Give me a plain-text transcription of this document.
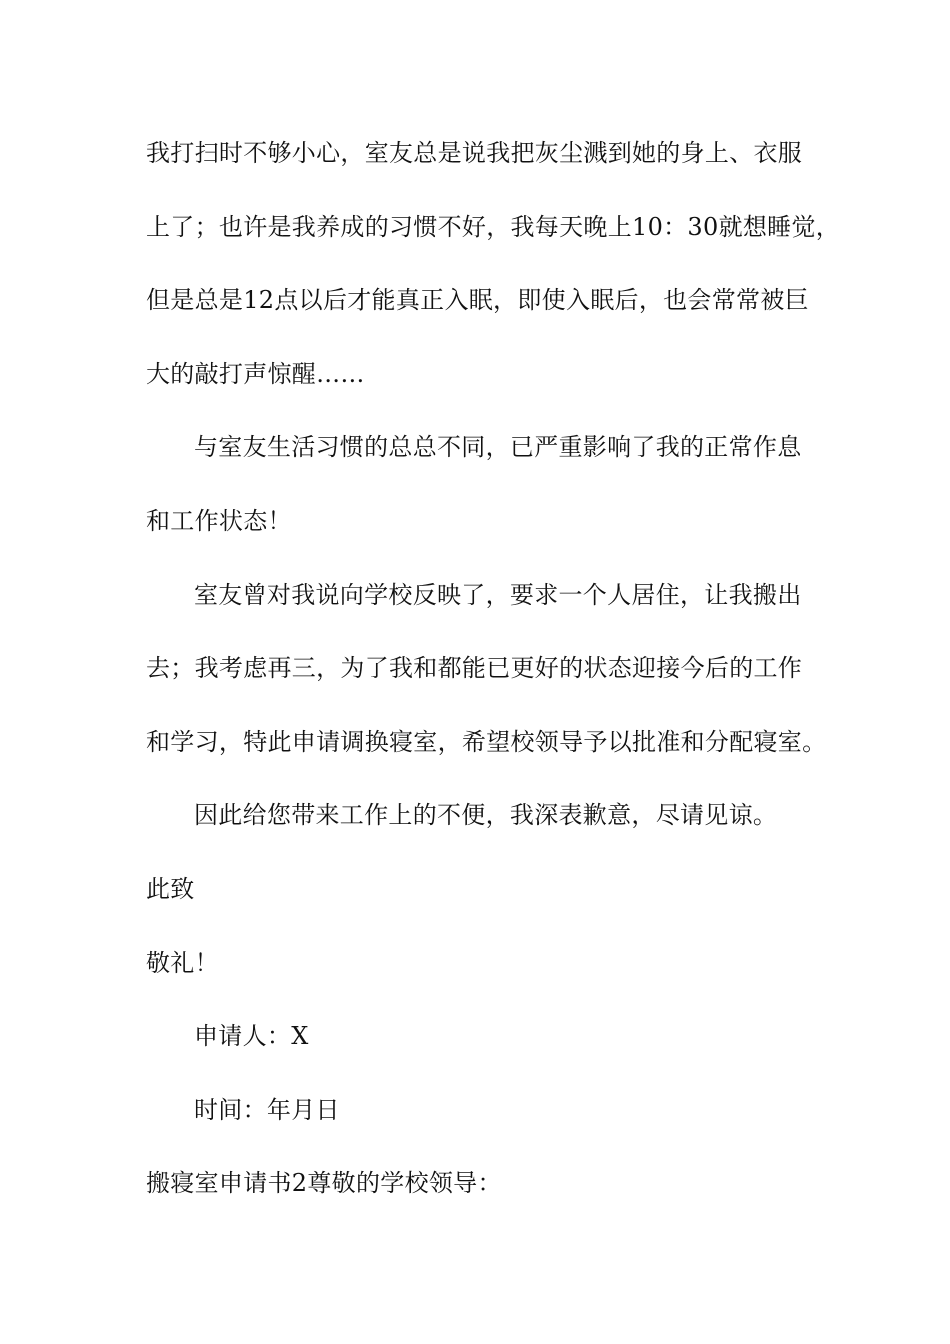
我打扫时不够小心，室友总是说我把灰尘溅到她的身上、衣服
上了；也许是我养成的习惯不好，我每天晚上10：30就想睡觉，
但是总是12点以后才能真正入眠，即使入眠后，也会常常被巨
大的敲打声惊醒……
与室友生活习惯的总总不同，已严重影响了我的正常作息
和工作状态！
室友曾对我说向学校反映了，要求一个人居住，让我搬出
去；我考虑再三，为了我和都能已更好的状态迎接今后的工作
和学习，特此申请调换寝室，希望校领导予以批准和分配寝室。
因此给您带来工作上的不便，我深表歉意，尽请见谅。
此致
敬礼！
申请人：X
时间：年月日
搬寝室申请书2尊敬的学校领导：
